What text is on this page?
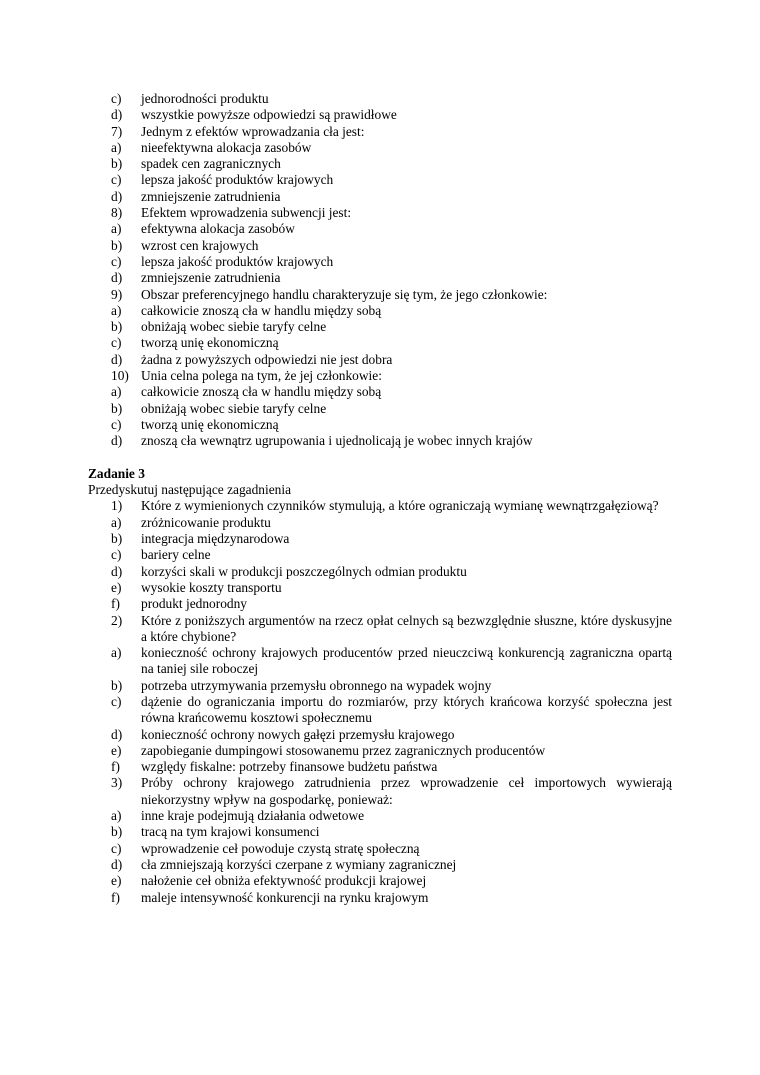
c)	jednorodności produktu
d)	wszystkie powyższe odpowiedzi są prawidłowe
7)	Jednym z efektów wprowadzania cła jest:
a)	nieefektywna alokacja zasobów
b)	spadek cen zagranicznych
c)	lepsza jakość produktów krajowych
d)	zmniejszenie zatrudnienia
8)	Efektem wprowadzenia subwencji jest:
a)	efektywna alokacja zasobów
b)	wzrost cen krajowych
c)	lepsza jakość produktów krajowych
d)	zmniejszenie zatrudnienia
9)	Obszar preferencyjnego handlu charakteryzuje się tym, że jego członkowie:
a)	całkowicie znoszą cła w handlu między sobą
b)	obniżają wobec siebie taryfy celne
c)	tworzą unię ekonomiczną
d)	żadna z powyższych odpowiedzi nie jest dobra
10) Unia celna polega na tym, że jej członkowie:
a)	całkowicie znoszą cła w handlu między sobą
b)	obniżają wobec siebie taryfy celne
c)	tworzą unię ekonomiczną
d)	znoszą cła wewnątrz ugrupowania i ujednolicają je wobec innych krajów
Zadanie 3
Przedyskutuj następujące zagadnienia
1)	Które z wymienionych czynników stymulują, a które ograniczają wymianę wewnątrzgałęziową?
a)	zróżnicowanie produktu
b)	integracja międzynarodowa
c)	bariery celne
d)	korzyści skali w produkcji poszczególnych odmian produktu
e)	wysokie koszty transportu
f)	produkt jednorodny
2)	Które z poniższych argumentów na rzecz opłat celnych są bezwzględnie słuszne, które dyskusyjne a które chybione?
a)	konieczność ochrony krajowych producentów przed nieuczciwą konkurencją zagraniczna opartą na taniej sile roboczej
b)	potrzeba utrzymywania przemysłu obronnego na wypadek wojny
c)	dążenie do ograniczania importu do rozmiarów, przy których krańcowa korzyść społeczna jest równa krańcowemu kosztowi społecznemu
d)	konieczność ochrony nowych gałęzi przemysłu krajowego
e)	zapobieganie dumpingowi stosowanemu przez zagranicznych producentów
f)	względy fiskalne: potrzeby finansowe budżetu państwa
3)	Próby ochrony krajowego zatrudnienia przez wprowadzenie ceł importowych wywierają niekorzystny wpływ na gospodarkę, ponieważ:
a)	inne kraje podejmują działania odwetowe
b)	tracą na tym krajowi konsumenci
c)	wprowadzenie ceł powoduje czystą stratę społeczną
d)	cła zmniejszają korzyści czerpane z wymiany zagranicznej
e)	nałożenie ceł obniża efektywność produkcji krajowej
f)	maleje intensywność konkurencji na rynku krajowym
